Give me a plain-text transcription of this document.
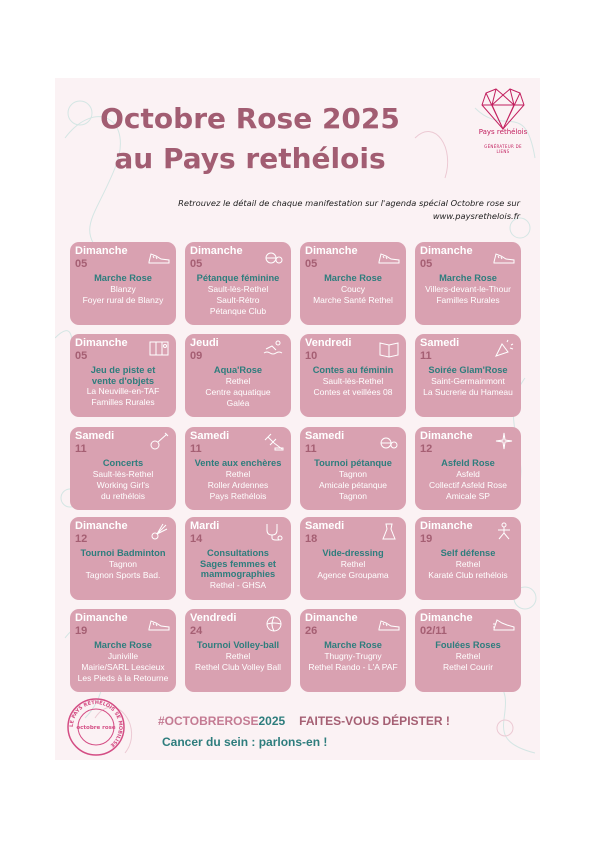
Octobre Rose 2025
au Pays rethélois
Pays rethélois
GÉNÉRATEUR DE LIENS
Retrouvez le détail de chaque manifestation sur l'agenda spécial Octobre rose sur
www.paysrethelois.fr
Dimanche
05
Marche Rose
Blanzy
Foyer rural de Blanzy
Dimanche
05
Pétanque féminine
Sault-lès-Rethel
Sault-Rétro
Pétanque Club
Dimanche
05
Marche Rose
Coucy
Marche Santé Rethel
Dimanche
05
Marche Rose
Villers-devant-le-Thour
Familles Rurales
Dimanche
05
Jeu de piste et
vente d'objets
La Neuville-en-TAF
Familles Rurales
Jeudi
09
Aqua'Rose
Rethel
Centre aquatique
Galéa
Vendredi
10
Contes au féminin
Sault-lès-Rethel
Contes et veillées 08
Samedi
11
Soirée Glam'Rose
Saint-Germainmont
La Sucrerie du Hameau
Samedi
11
Concerts
Sault-lès-Rethel
Working Girl's
du rethélois
Samedi
11
Vente aux enchères
Rethel
Roller Ardennes
Pays Rethélois
Samedi
11
Tournoi pétanque
Tagnon
Amicale pétanque
Tagnon
Dimanche
12
Asfeld Rose
Asfeld
Collectif Asfeld Rose
Amicale SP
Dimanche
12
Tournoi Badminton
Tagnon
Tagnon Sports Bad.
Mardi
14
Consultations
Sages femmes et
mammographies
Rethel - GHSA
Samedi
18
Vide-dressing
Rethel
Agence Groupama
Dimanche
19
Self défense
Rethel
Karaté Club rethélois
Dimanche
19
Marche Rose
Juniville
Mairie/SARL Lescieux
Les Pieds à la Retourne
Vendredi
24
Tournoi Volley-ball
Rethel
Rethel Club Volley Ball
Dimanche
26
Marche Rose
Thugny-Trugny
Rethel Rando - L'A PAF
Dimanche
02/11
Foulées Roses
Rethel
Rethel Courir
#OCTOBREROSE2025 FAITES-VOUS DÉPISTER !
Cancer du sein : parlons-en !
LE PAYS RETHÉLOIS SE MOBILISE
octobre rose
